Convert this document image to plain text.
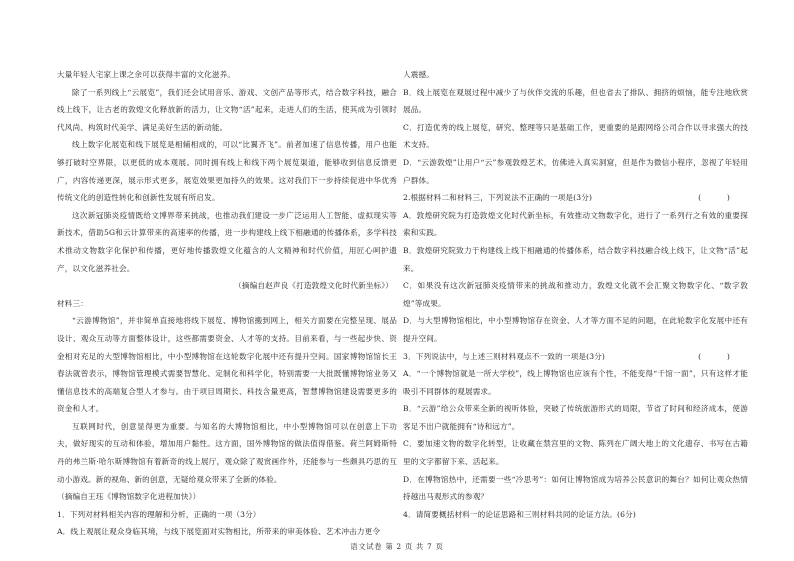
大量年轻人宅家上课之余可以获得丰富的文化滋养。

除了一系列线上“云展览”，我们还会试用音乐、游戏、文创产品等形式，结合数字科技，融合线上线下，让古老的敦煌文化释放新的活力，让文物“活”起来，走进人们的生活，使其成为引领时代风尚、构筑时代美学、满足美好生活的新动能。

线上数字化展览和线下展览是相辅相成的，可以“比翼齐飞”。前者加速了信息传播，用户也能够打破时空界限，以更低的成本观展。同时拥有线上和线下两个展览渠道，能够收到信息反馈更广，内容传递更深，展示形式更多，展览效果更加持久的效果。这对我们下一步持续促进中华优秀传统文化的创造性转化和创新性发展有所启发。

这次新冠肺炎疫情既给文博界带来挑战，也推动我们建设一步广泛运用人工智能、虚拟现实等新技术，借助5G和云计算带来的高速率的传播，进一步构建线上线下相融通的传播体系，多学科技术推动文物数字化保护和传播，更好地传播敦煌文化蕴含的人文精神和时代价值，用匠心呵护遗产，以文化滋养社会。

（摘编自赵声良《打造敦煌文化时代新坐标》）

材料三：

“云游博物馆”，并非简单直接地将线下展览、博物馆搬到网上，相关方面要在完整呈现、展品设计、观众互动等方面整体设计，这些都需要资金、人才等的支持。目前来看，与一些起步快、资金相对充足的大型博物馆相比，中小型博物馆在这轮数字化展中还有提升空间。国家博物馆馆长王春法就曾表示，博物馆管理模式需要智慧化、定制化和科学化，特别需要一大批既懂博物馆业务又懂信息技术的高端复合型人才参与。由于项目周期长、科技含量更高，智慧博物馆建设需要更多的资金和人才。

互联网时代，创意显得更为重要。与知名的大博物馆相比，中小型博物馆可以在创意上下功夫，做好现实的互动和体验，增加用户黏性。这方面，国外博物馆的做法值得借鉴。荷兰阿姆斯特丹的弗兰斯·哈尔斯博物馆有着新奇的线上展厅，观众除了观赏画作外，还能参与一些颇具巧思的互动小游戏。新的视角、新的创意，无疑给观众带来了全新的体验。

（摘编自王珏《博物馆数字化进程加快》）

1．下列对材料相关内容的理解和分析，正确的一项（3分）

A．线上观展让观众身临其境，与线下展览面对实物相比，所带来的审美体验、艺术冲击力更令

人震撼。

B．线上展览在观展过程中减少了与伙伴交流的乐趣，但也省去了排队、拥挤的烦恼，能专注地欣赏展品。

C．打造优秀的线上展览，研究、整理等只是基础工作，更重要的是跟网络公司合作以寻求强大的技术支持。

D．“云游敦煌”让用户“云”参观敦煌艺术，仿佛进入真实洞窟，但是作为微信小程序，忽视了年轻用户群体。

2.根据材料二和材料三，下列说法不正确的一项是(3分)	(          )

A．敦煌研究院为打造敦煌文化时代新坐标，有效推动文物数字化，进行了一系列行之有效的重要探索和实践。

B．敦煌研究院致力于构建线上线下相融通的传播体系，结合数字科技融合线上线下，让文物“活”起来。

C．如果没有这次新冠肺炎疫情带来的挑战和推动力，敦煌文化就不会汇聚文物数字化、“数字敦煌”等成果。

D．与大型博物馆相比，中小型博物馆存在资金、人才等方面不足的问题，在此轮数字化发展中还有提升空间。

3．下列说法中，与上述三则材料观点不一致的一项是(3分)	(          )

A．“一个博物馆就是一所大学校”，线上博物馆也应该有个性，不能变得“千馆一面”，只有这样才能吸引不同群体的观展需求。

B．“云游”给公众带来全新的视听体验，突破了传统旅游形式的局限，节省了时间和经济成本，使游客足不出户就能拥有“诗和远方”。

C．要加速文物的数字化转型，让收藏在禁宫里的文物、陈列在广阔大地上的文化遗存、书写在古籍里的文字都留下来、活起来。

D．在博物馆热中，还需要一些“冷思考”：如何让博物馆成为培养公民意识的舞台？如何让观众热情持越出马观形式的参观？

4．请简要概括材料一的论证思路和三则材料共同的论证方法。(6分)

语文试卷 第 2 页 共 7 页
